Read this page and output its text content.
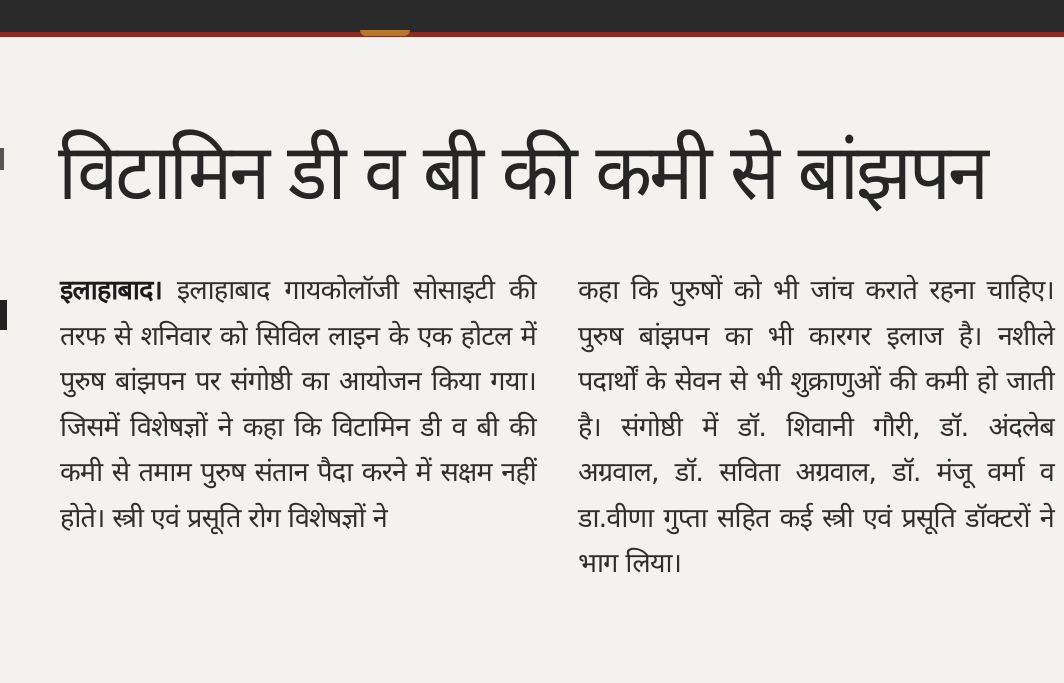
विटामिन डी व बी की कमी से बांझपन

इलाहाबाद। इलाहाबाद गायकोलॉजी सोसाइटी की तरफ से शनिवार को सिविल लाइन के एक होटल में पुरुष बांझपन पर संगोष्ठी का आयोजन किया गया। जिसमें विशेषज्ञों ने कहा कि विटामिन डी व बी की कमी से तमाम पुरुष संतान पैदा करने में सक्षम नहीं होते। स्त्री एवं प्रसूति रोग विशेषज्ञों ने

कहा कि पुरुषों को भी जांच कराते रहना चाहिए। पुरुष बांझपन का भी कारगर इलाज है। नशीले पदार्थों के सेवन से भी शुक्राणुओं की कमी हो जाती है। संगोष्ठी में डॉ. शिवानी गौरी, डॉ. अंदलेब अग्रवाल, डॉ. सविता अग्रवाल, डॉ. मंजू वर्मा व डा.वीणा गुप्ता सहित कई स्त्री एवं प्रसूति डॉक्टरों ने भाग लिया।
